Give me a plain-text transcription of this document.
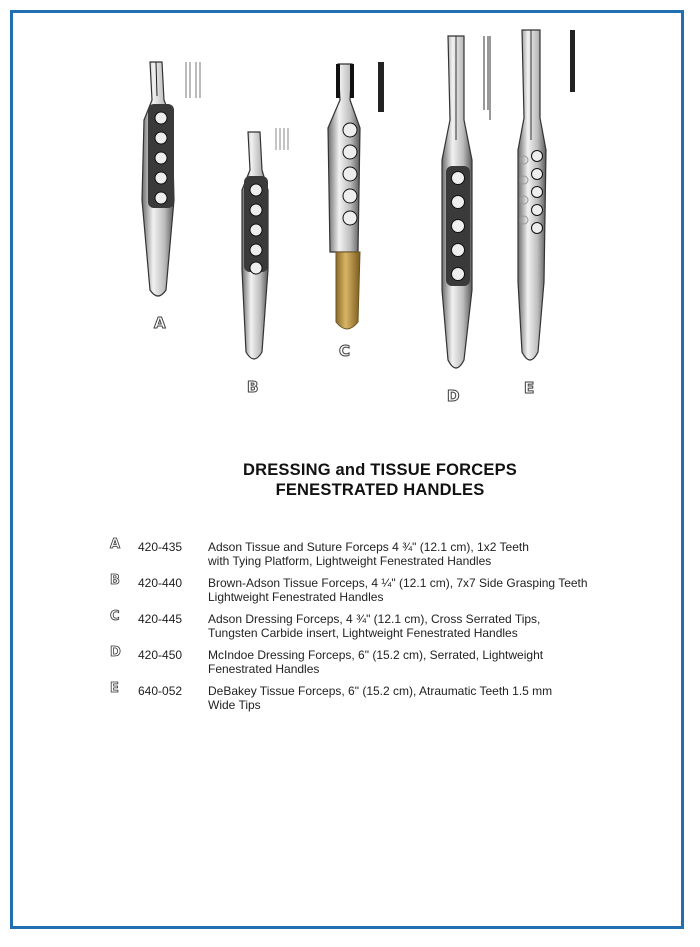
A
B
C
D	E
DRESSING and TISSUE FORCEPS
FENESTRATED HANDLES
A 420-435 Adson Tissue and Suture Forceps 4 ¾" (12.1 cm), 1x2 Teeth
with Tying Platform, Lightweight Fenestrated Handles
B 420-440 Brown-Adson Tissue Forceps, 4 ¼" (12.1 cm), 7x7 Side Grasping Teeth
Lightweight Fenestrated Handles
C 420-445 Adson Dressing Forceps, 4 ¾" (12.1 cm), Cross Serrated Tips,
Tungsten Carbide insert, Lightweight Fenestrated Handles
D 420-450 McIndoe Dressing Forceps, 6" (15.2 cm), Serrated, Lightweight
Fenestrated Handles
E 640-052 DeBakey Tissue Forceps, 6" (15.2 cm), Atraumatic Teeth 1.5 mm
Wide Tips
